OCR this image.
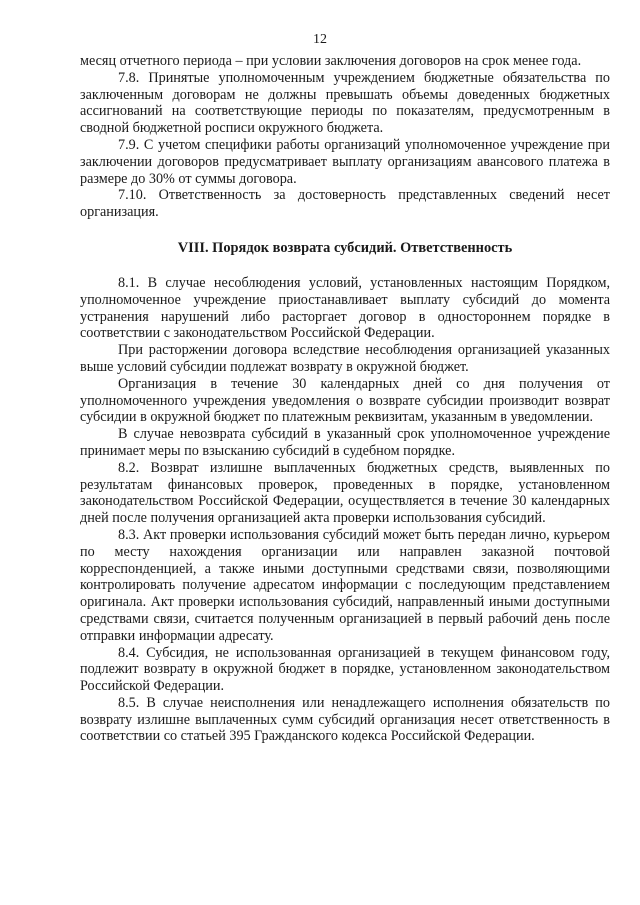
12

месяц отчетного периода – при условии заключения договоров на срок менее года.

7.8. Принятые уполномоченным учреждением бюджетные обязательства по заключенным договорам не должны превышать объемы доведенных бюджетных ассигнований на соответствующие периоды по показателям, предусмотренным в сводной бюджетной росписи окружного бюджета.

7.9. С учетом специфики работы организаций уполномоченное учреждение при заключении договоров предусматривает выплату организациям авансового платежа в размере до 30% от суммы договора.

7.10. Ответственность за достоверность представленных сведений несет организация.

VIII. Порядок возврата субсидий. Ответственность

8.1. В случае несоблюдения условий, установленных настоящим Порядком, уполномоченное учреждение приостанавливает выплату субсидий до момента устранения нарушений либо расторгает договор в одностороннем порядке в соответствии с законодательством Российской Федерации.

При расторжении договора вследствие несоблюдения организацией указанных выше условий субсидии подлежат возврату в окружной бюджет.

Организация в течение 30 календарных дней со дня получения от уполномоченного учреждения уведомления о возврате субсидии производит возврат субсидии в окружной бюджет по платежным реквизитам, указанным в уведомлении.

В случае невозврата субсидий в указанный срок уполномоченное учреждение принимает меры по взысканию субсидий в судебном порядке.

8.2. Возврат излишне выплаченных бюджетных средств, выявленных по результатам финансовых проверок, проведенных в порядке, установленном законодательством Российской Федерации, осуществляется в течение 30 календарных дней после получения организацией акта проверки использования субсидий.

8.3. Акт проверки использования субсидий может быть передан лично, курьером по месту нахождения организации или направлен заказной почтовой корреспонденцией, а также иными доступными средствами связи, позволяющими контролировать получение адресатом информации с последующим представлением оригинала. Акт проверки использования субсидий, направленный иными доступными средствами связи, считается полученным организацией в первый рабочий день после отправки информации адресату.

8.4. Субсидия, не использованная организацией в текущем финансовом году, подлежит возврату в окружной бюджет в порядке, установленном законодательством Российской Федерации.

8.5. В случае неисполнения или ненадлежащего исполнения обязательств по возврату излишне выплаченных сумм субсидий организация несет ответственность в соответствии со статьей 395 Гражданского кодекса Российской Федерации.
